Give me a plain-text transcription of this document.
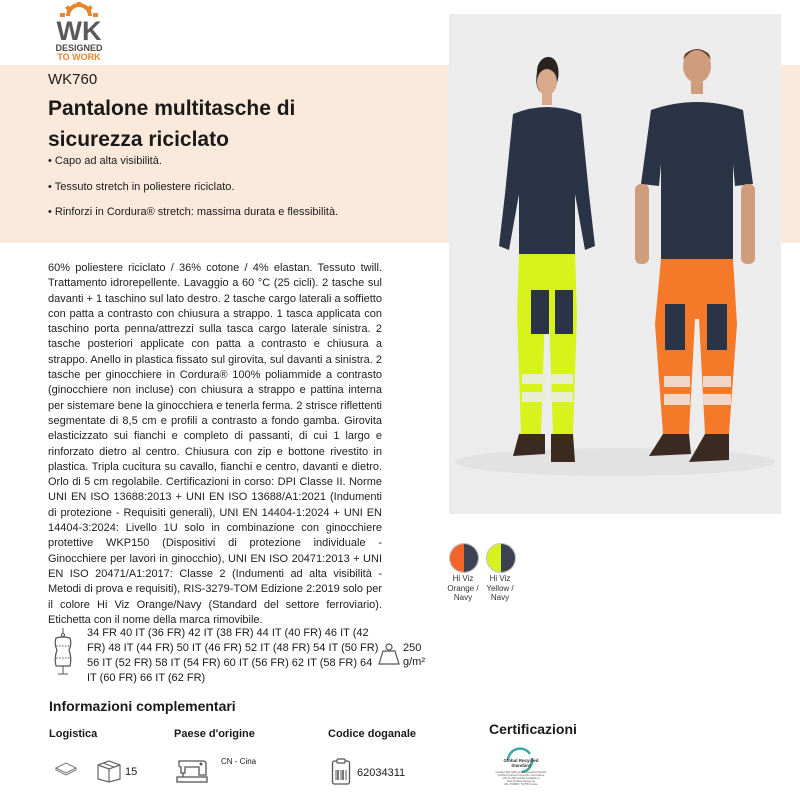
WK
DESIGNED
TO WORK
WK760
Pantalone multitasche di sicurezza riciclato
• Capo ad alta visibilità.
• Tessuto stretch in poliestere riciclato.
• Rinforzi in Cordura® stretch: massima durata e flessibilità.
60% poliestere riciclato / 36% cotone / 4% elastan. Tessuto twill. Trattamento idrorepellente. Lavaggio a 60 °C (25 cicli). 2 tasche sul davanti + 1 taschino sul lato destro. 2 tasche cargo laterali a soffietto con patta a contrasto con chiusura a strappo. 1 tasca applicata con taschino porta penna/attrezzi sulla tasca cargo laterale sinistra. 2 tasche posteriori applicate con patta a contrasto e chiusura a strappo. Anello in plastica fissato sul girovita, sul davanti a sinistra. 2 tasche per ginocchiere in Cordura® 100% poliammide a contrasto (ginocchiere non incluse) con chiusura a strappo e pattina interna per sistemare bene la ginocchiera e tenerla ferma. 2 strisce riflettenti segmentate di 8,5 cm e profili a contrasto a fondo gamba. Girovita elasticizzato sui fianchi e completo di passanti, di cui 1 largo e rinforzato dietro al centro. Chiusura con zip e bottone rivestito in plastica. Tripla cucitura su cavallo, fianchi e centro, davanti e dietro. Orlo di 5 cm regolabile. Certificazioni in corso: DPI Classe II. Norme UNI EN ISO 13688:2013 + UNI EN ISO 13688/A1:2021 (Indumenti di protezione - Requisiti generali), UNI EN 14404-1:2024 + UNI EN 14404-3:2024: Livello 1U solo in combinazione con ginocchiere protettive WKP150 (Dispositivi di protezione individuale - Ginocchiere per lavori in ginocchio), UNI EN ISO 20471:2013 + UNI EN ISO 20471/A1:2017: Classe 2 (Indumenti ad alta visibilità - Metodi di prova e requisiti), RIS-3279-TOM Edizione 2:2019 solo per il colore Hi Viz Orange/Navy (Standard del settore ferroviario). Etichetta con il nome della marca rimovibile.
Hi Viz
Orange /
Navy
Hi Viz
Yellow /
Navy
34 FR 40 IT (36 FR) 42 IT (38 FR) 44 IT (40 FR) 46 IT (42 FR) 48 IT (44 FR) 50 IT (46 FR) 52 IT (48 FR) 54 IT (50 FR) 56 IT (52 FR) 58 IT (54 FR) 60 IT (56 FR) 62 IT (58 FR) 64 IT (60 FR) 66 IT (62 FR)
250
g/m²
Informazioni complementari
Logistica	Paese d'origine	Codice doganale
15
CN - Cina
62034311
Certificazioni
Global Recycled
Standard
Contains 96% GRS certified Recycled Polyester
Certified by Ecocert Greenlife in accordance
with the GRS standard available at
https://textileexchange.org
ESL 3796968 / TQP733 France
